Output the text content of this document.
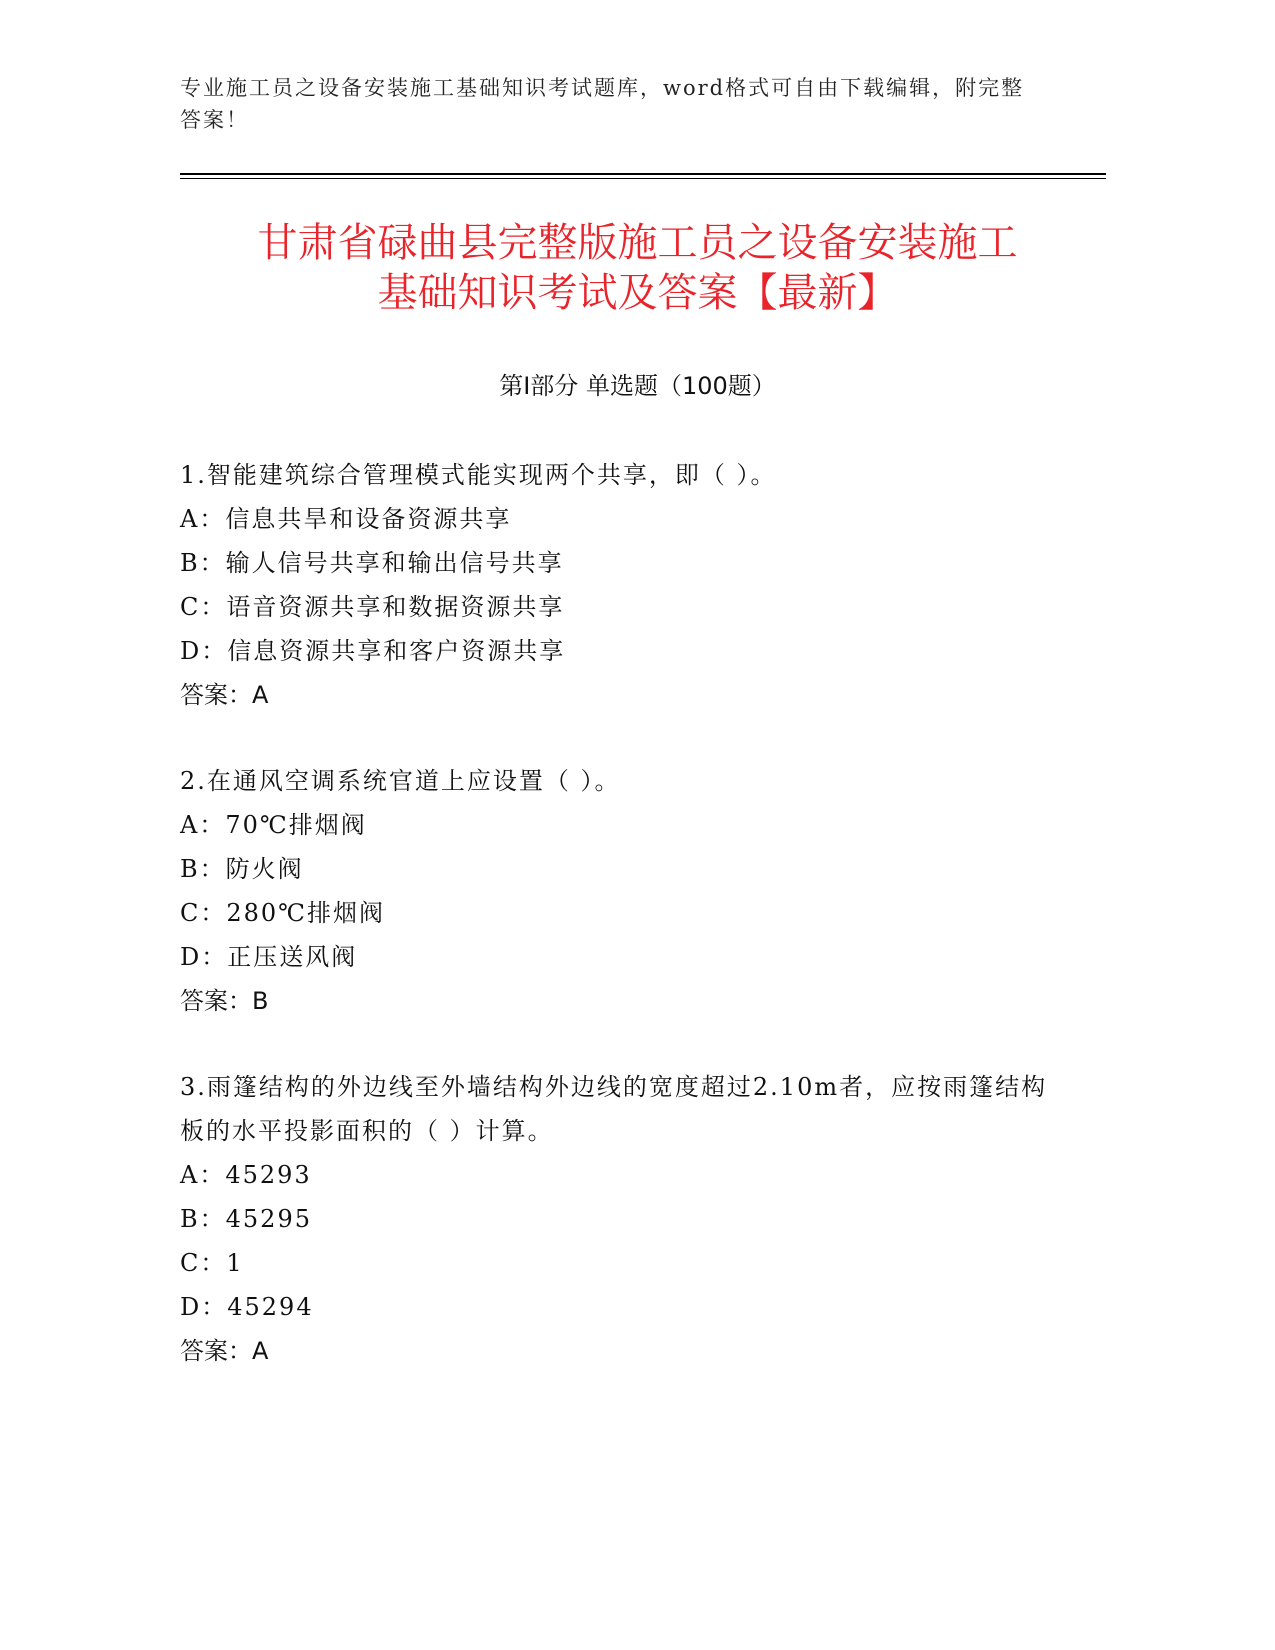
专业施工员之设备安装施工基础知识考试题库，word格式可自由下载编辑，附完整答案！
甘肃省碌曲县完整版施工员之设备安装施工
基础知识考试及答案【最新】
第Ⅰ部分 单选题（100题）
1.智能建筑综合管理模式能实现两个共享，即（ ）。
A：信息共旱和设备资源共享
B：输人信号共享和输出信号共享
C：语音资源共享和数据资源共享
D：信息资源共享和客户资源共享
答案：A
2.在通风空调系统官道上应设置（ ）。
A：70℃排烟阀
B：防火阀
C：280℃排烟阀
D：正压送风阀
答案：B
3.雨篷结构的外边线至外墙结构外边线的宽度超过2.10m者，应按雨篷结构板的水平投影面积的（ ）计算。
A：45293
B：45295
C：1
D：45294
答案：A
